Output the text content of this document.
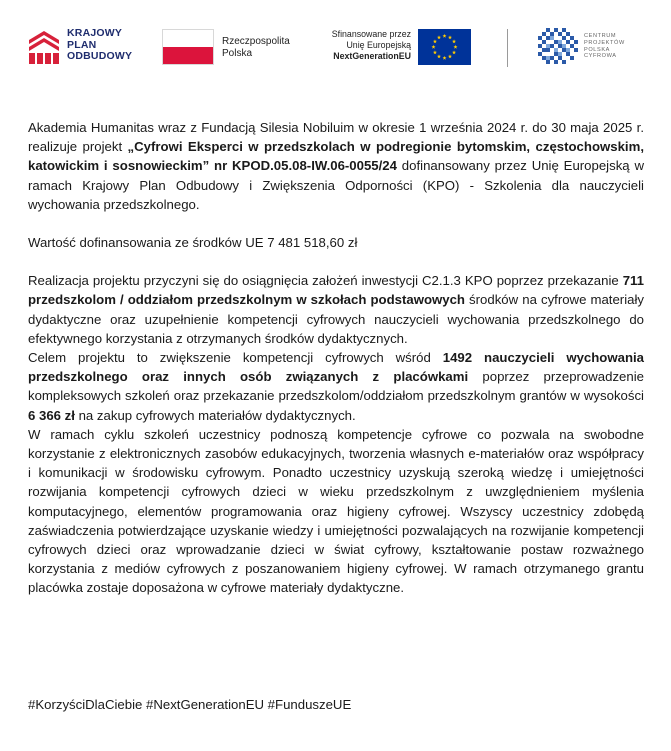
KRAJOWY
PLAN
ODBUDOWY
Rzeczpospolita
Polska
Sfinansowane przez
Unię Europejską
NextGenerationEU
CENTRUM
PROJEKTÓW
POLSKA
CYFROWA

Akademia Humanitas wraz z Fundacją Silesia Nobiluim w okresie 1 września 2024 r. do 30 maja 2025 r. realizuje projekt „Cyfrowi Eksperci w przedszkolach w podregionie bytomskim, częstochowskim, katowickim i sosnowieckim” nr KPOD.05.08-IW.06-0055/24 dofinansowany przez Unię Europejską w ramach Krajowy Plan Odbudowy i Zwiększenia Odporności (KPO) - Szkolenia dla nauczycieli wychowania przedszkolnego.

Wartość dofinansowania ze środków UE 7 481 518,60 zł

Realizacja projektu przyczyni się do osiągnięcia założeń inwestycji C2.1.3 KPO poprzez przekazanie 711 przedszkolom / oddziałom przedszkolnym w szkołach podstawowych środków na cyfrowe materiały dydaktyczne oraz uzupełnienie kompetencji cyfrowych nauczycieli wychowania przedszkolnego do efektywnego korzystania z otrzymanych środków dydaktycznych.

Celem projektu to zwiększenie kompetencji cyfrowych wśród 1492 nauczycieli wychowania przedszkolnego oraz innych osób związanych z placówkami poprzez przeprowadzenie kompleksowych szkoleń oraz przekazanie przedszkolom/oddziałom przedszkolnym grantów w wysokości 6 366 zł na zakup cyfrowych materiałów dydaktycznych.

W ramach cyklu szkoleń uczestnicy podnoszą kompetencje cyfrowe co pozwala na swobodne korzystanie z elektronicznych zasobów edukacyjnych, tworzenia własnych e-materiałów oraz współpracy i komunikacji w środowisku cyfrowym. Ponadto uczestnicy uzyskują szeroką wiedzę i umiejętności rozwijania kompetencji cyfrowych dzieci w wieku przedszkolnym z uwzględnieniem myślenia komputacyjnego, elementów programowania oraz higieny cyfrowej. Wszyscy uczestnicy zdobędą zaświadczenia potwierdzające uzyskanie wiedzy i umiejętności pozwalających na rozwijanie kompetencji cyfrowych dzieci oraz wprowadzanie dzieci w świat cyfrowy, kształtowanie postaw rozważnego korzystania z mediów cyfrowych z poszanowaniem higieny cyfrowej. W ramach otrzymanego grantu placówka zostaje doposażona w cyfrowe materiały dydaktyczne.

#KorzyściDlaCiebie #NextGenerationEU #FunduszeUE
